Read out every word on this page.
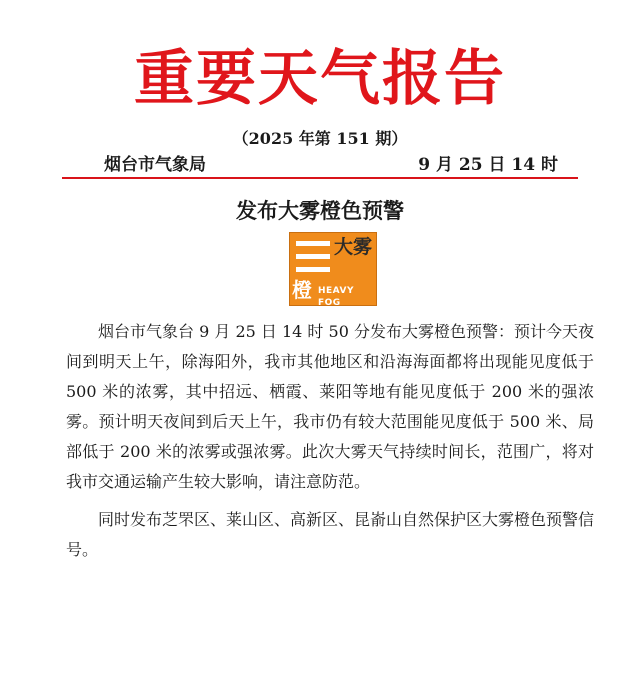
重要天气报告
（2025 年第 151 期）
烟台市气象局	9 月 25 日 14 时
发布大雾橙色预警
大雾
橙 HEAVY FOG

烟台市气象台 9 月 25 日 14 时 50 分发布大雾橙色预警：预计今天夜间到明天上午，除海阳外，我市其他地区和沿海海面都将出现能见度低于 500 米的浓雾，其中招远、栖霞、莱阳等地有能见度低于 200 米的强浓雾。预计明天夜间到后天上午，我市仍有较大范围能见度低于 500 米、局部低于 200 米的浓雾或强浓雾。此次大雾天气持续时间长，范围广，将对我市交通运输产生较大影响，请注意防范。

同时发布芝罘区、莱山区、高新区、昆嵛山自然保护区大雾橙色预警信号。
